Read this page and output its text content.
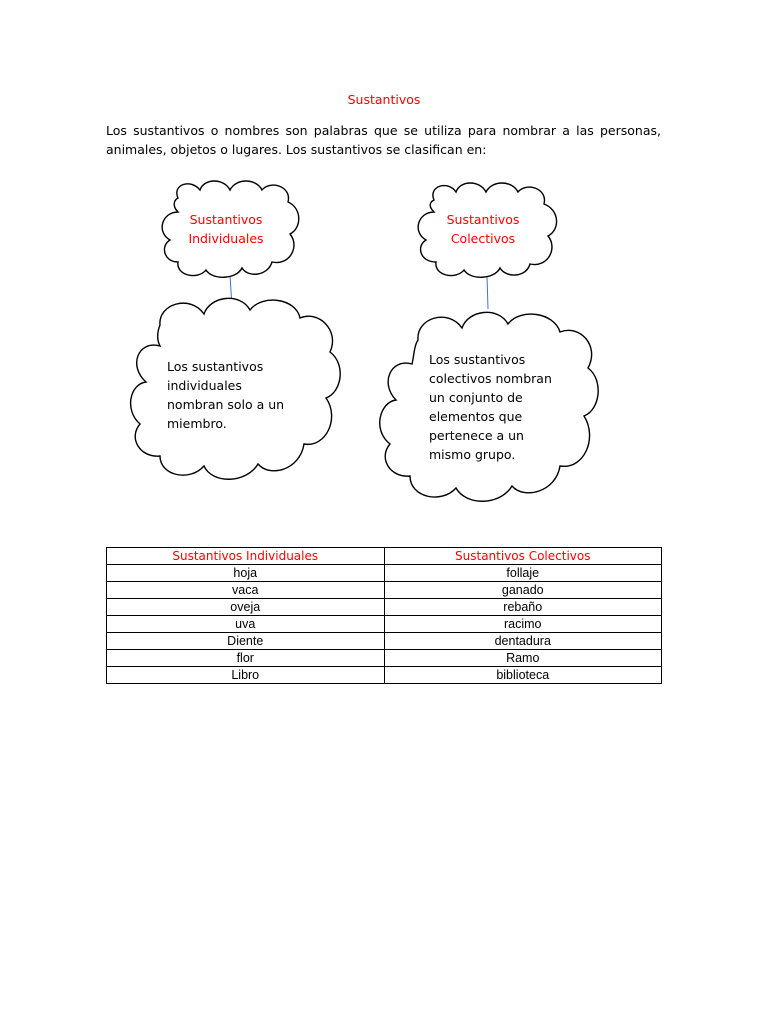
Sustantivos
Los sustantivos o nombres son palabras que se utiliza para nombrar a las personas, animales, objetos o lugares. Los sustantivos se clasifican en:
Sustantivos
Individuales
Sustantivos
Colectivos
Los sustantivos
individuales
nombran solo a un
miembro.
Los sustantivos
colectivos nombran
un conjunto de
elementos que
pertenece a un
mismo grupo.
Sustantivos Individuales	Sustantivos Colectivos
hoja	follaje
vaca	ganado
oveja	rebaño
uva	racimo
Diente	dentadura
flor	Ramo
Libro	biblioteca
